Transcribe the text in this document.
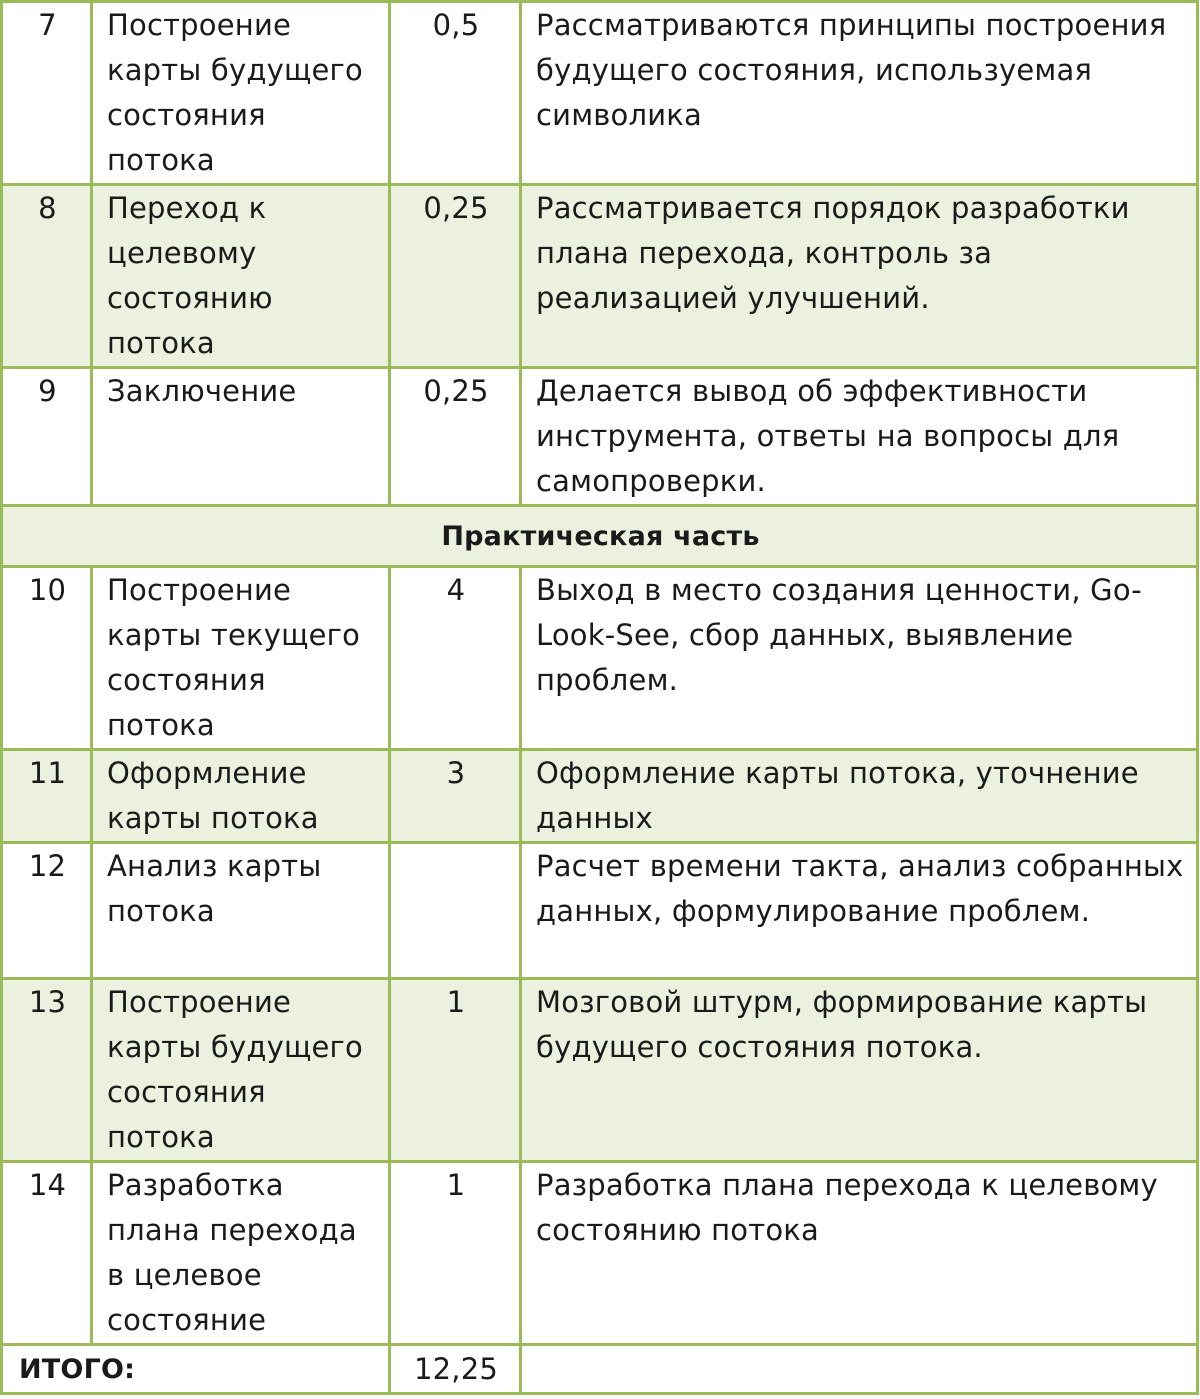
7	Построение карты будущего состояния потока	0,5	Рассматриваются принципы построения будущего состояния, используемая символика
8	Переход к целевому состоянию потока	0,25	Рассматривается порядок разработки плана перехода, контроль за реализацией улучшений.
9	Заключение	0,25	Делается вывод об эффективности инструмента, ответы на вопросы для самопроверки.
Практическая часть			
10	Построение карты текущего состояния потока	4	Выход в место создания ценности, Go-Look-See, сбор данных, выявление проблем.
11	Оформление карты потока	3	Оформление карты потока, уточнение данных
12	Анализ карты потока		Расчет времени такта, анализ собранных данных, формулирование проблем.
13	Построение карты будущего состояния потока	1	Мозговой штурм, формирование карты будущего состояния потока.
14	Разработка плана перехода в целевое состояние	1	Разработка плана перехода к целевому состоянию потока
ИТОГО:		12,25	
